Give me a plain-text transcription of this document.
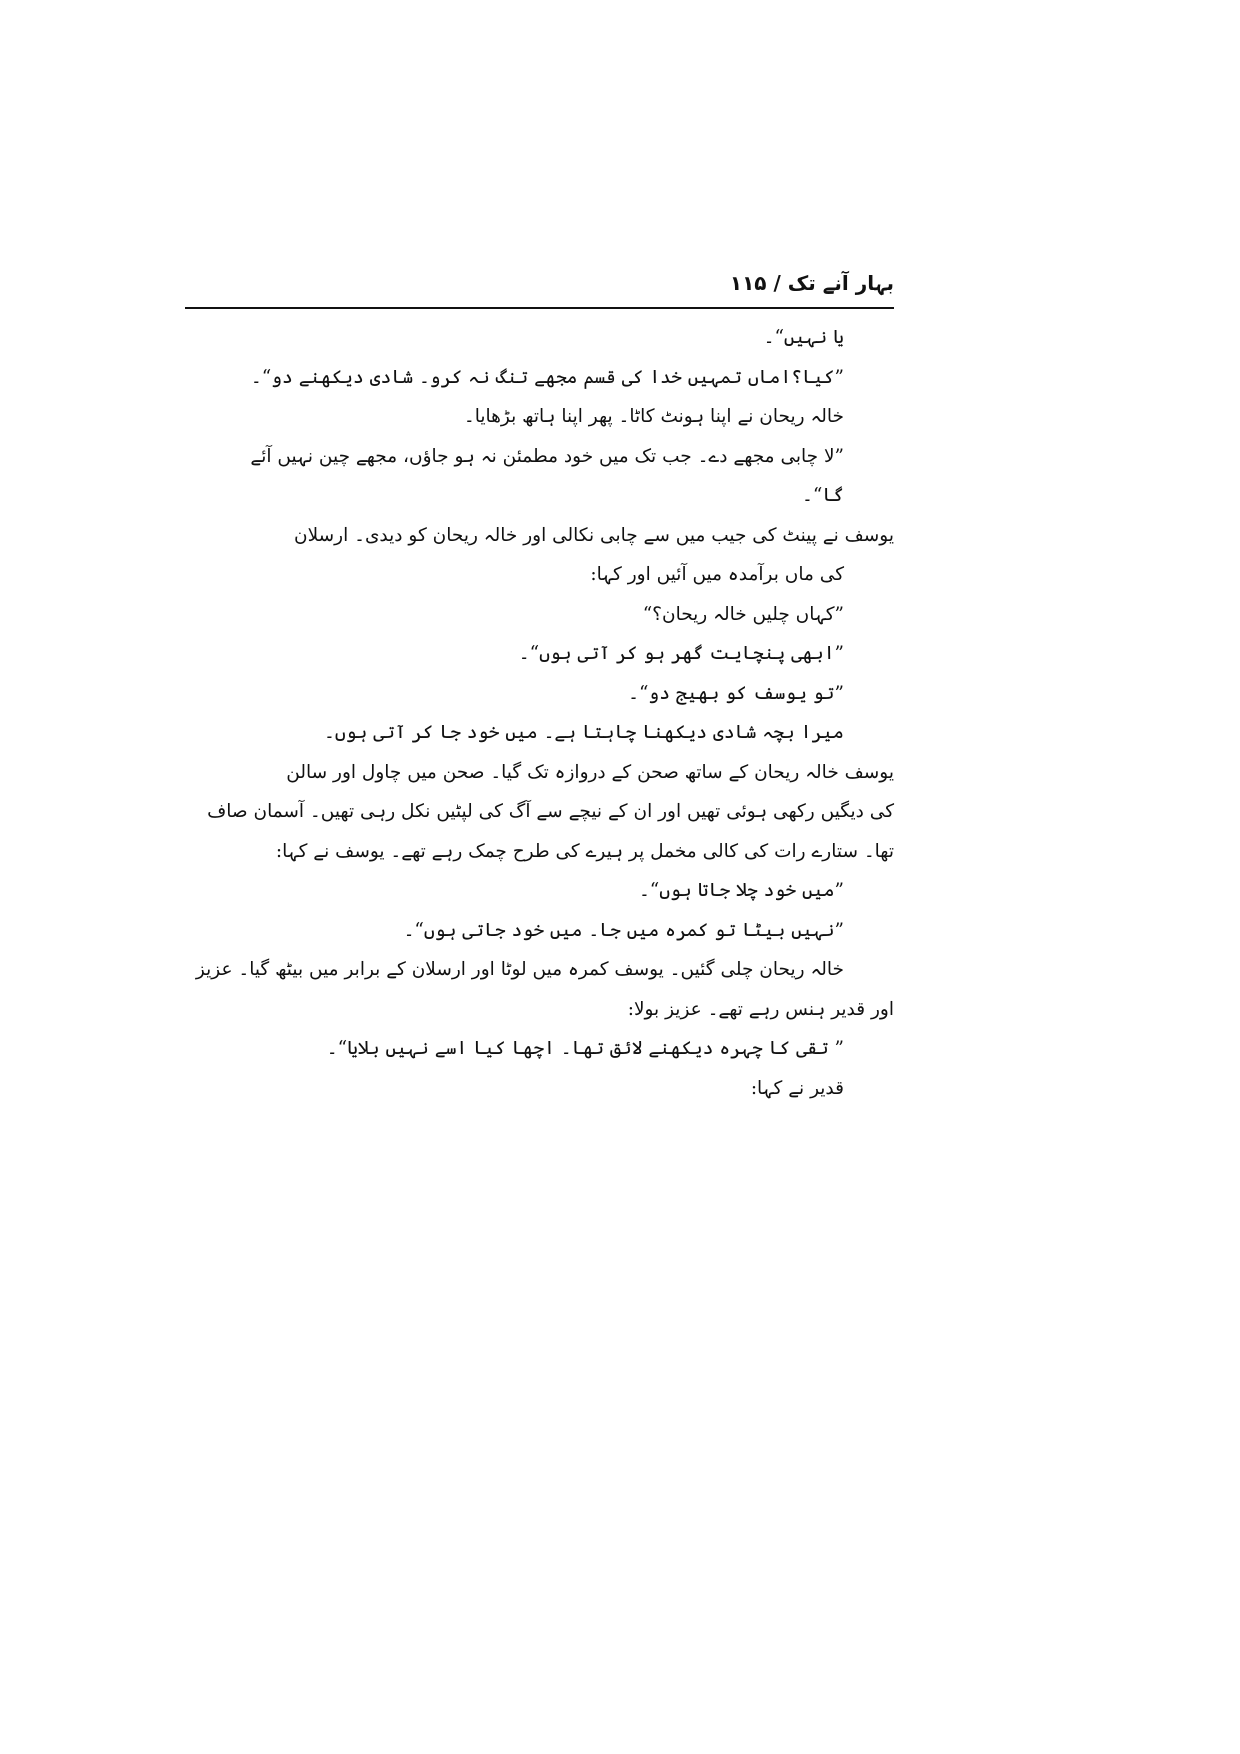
بہار آنے تک / ۱۱۵

یا نہیں“۔

”کیا؟اماں تمہیں خدا کی قسم مجھے تنگ نہ کرو۔ شادی دیکھنے دو“۔

خالہ ریحان نے اپنا ہونٹ کاٹا۔ پھر اپنا ہاتھ بڑھایا۔

”لا چابی مجھے دے۔ جب تک میں خود مطمئن نہ ہو جاؤں، مجھے چین نہیں آئے

گا“۔

یوسف نے پینٹ کی جیب میں سے چابی نکالی اور خالہ ریحان کو دیدی۔ ارسلان

کی ماں برآمدہ میں آئیں اور کہا:

”کہاں چلیں خالہ ریحان؟“

”ابھی پنچایت گھر ہو کر آتی ہوں“۔

”تو یوسف کو بھیج دو“۔

میرا بچہ شادی دیکھنا چاہتا ہے۔ میں خود جا کر آتی ہوں۔

یوسف خالہ ریحان کے ساتھ صحن کے دروازہ تک گیا۔ صحن میں چاول اور سالن

کی دیگیں رکھی ہوئی تھیں اور ان کے نیچے سے آگ کی لپٹیں نکل رہی تھیں۔ آسمان صاف

تھا۔ ستارے رات کی کالی مخمل پر ہیرے کی طرح چمک رہے تھے۔ یوسف نے کہا:

”میں خود چلا جاتا ہوں“۔

”نہیں بیٹا تو کمرہ میں جا۔ میں خود جاتی ہوں“۔

خالہ ریحان چلی گئیں۔ یوسف کمرہ میں لوٹا اور ارسلان کے برابر میں بیٹھ گیا۔ عزیز

اور قدیر ہنس رہے تھے۔ عزیز بولا:

” تقی کا چہرہ دیکھنے لائق تھا۔ اچھا کیا اسے نہیں بلایا“۔

قدیر نے کہا:
